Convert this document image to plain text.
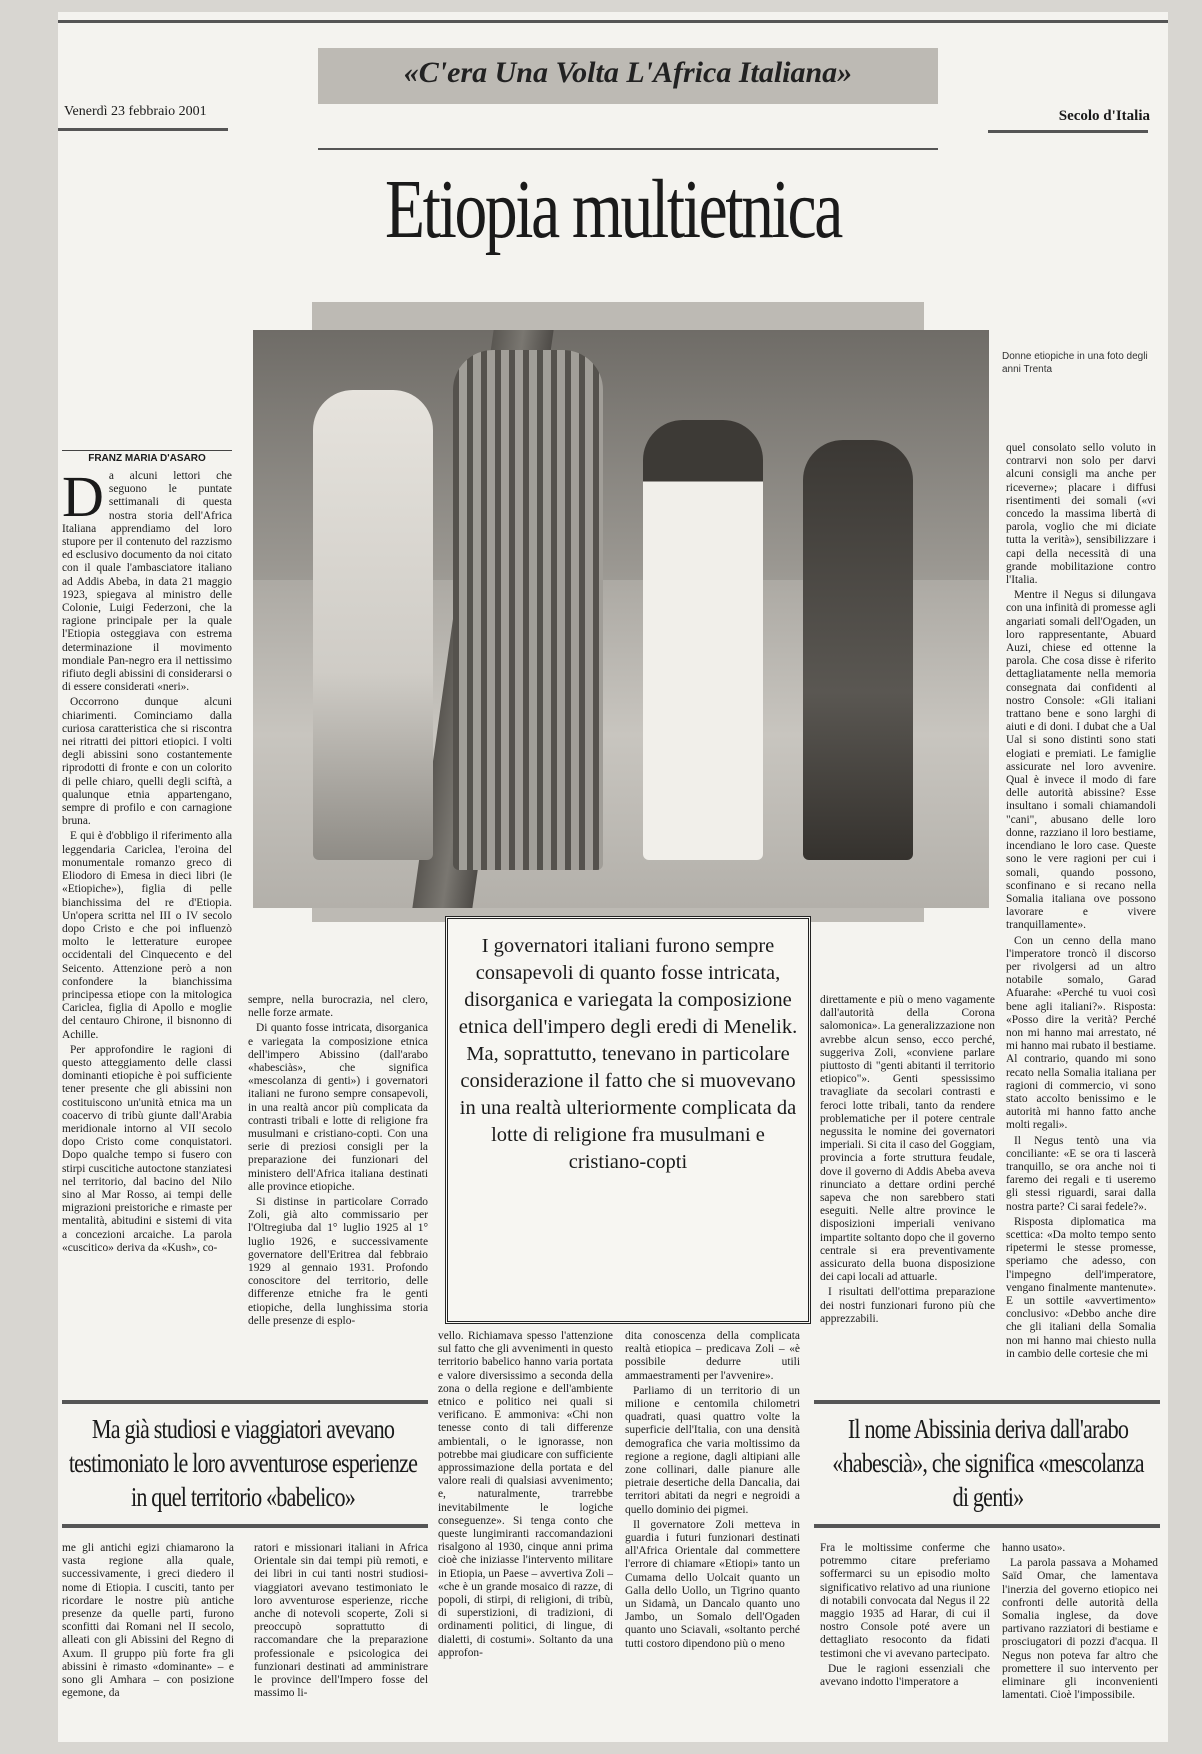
«C'era Una Volta L'Africa Italiana»
Venerdì 23 febbraio 2001	Secolo d'Italia
Etiopia multietnica
Donne etiopiche in una foto degli anni Trenta
FRANZ MARIA D'ASARO

Da alcuni lettori che seguono le puntate settimanali di questa nostra storia dell'Africa Italiana apprendiamo del loro stupore per il contenuto del razzismo ed esclusivo documento da noi citato con il quale l'ambasciatore italiano ad Addis Abeba, in data 21 maggio 1923, spiegava al ministro delle Colonie, Luigi Federzoni, che la ragione principale per la quale l'Etiopia osteggiava con estrema determinazione il movimento mondiale Pan-negro era il nettissimo rifiuto degli abissini di considerarsi o di essere considerati «neri».

Occorrono dunque alcuni chiarimenti. Cominciamo dalla curiosa caratteristica che si riscontra nei ritratti dei pittori etiopici. I volti degli abissini sono costantemente riprodotti di fronte e con un colorito di pelle chiaro, quelli degli sciftà, a qualunque etnia appartengano, sempre di profilo e con carnagione bruna.

E qui è d'obbligo il riferimento alla leggendaria Cariclea, l'eroina del monumentale romanzo greco di Eliodoro di Emesa in dieci libri (le «Etiopiche»), figlia di pelle bianchissima del re d'Etiopia. Un'opera scritta nel III o IV secolo dopo Cristo e che poi influenzò molto le letterature europee occidentali del Cinquecento e del Seicento. Attenzione però a non confondere la bianchissima principessa etiope con la mitologica Cariclea, figlia di Apollo e moglie del centauro Chirone, il bisnonno di Achille.

Per approfondire le ragioni di questo atteggiamento delle classi dominanti etiopiche è poi sufficiente tener presente che gli abissini non costituiscono un'unità etnica ma un coacervo di tribù giunte dall'Arabia meridionale intorno al VII secolo dopo Cristo come conquistatori. Dopo qualche tempo si fusero con stirpi cuscitiche autoctone stanziatesi nel territorio, dal bacino del Nilo sino al Mar Rosso, ai tempi delle migrazioni preistoriche e rimaste per mentalità, abitudini e sistemi di vita a concezioni arcaiche. La parola «cuscitico» deriva da «Kush», co-

sempre, nella burocrazia, nel clero, nelle forze armate.

Di quanto fosse intricata, disorganica e variegata la composizione etnica dell'impero Abissino (dall'arabo «habesciàs», che significa «mescolanza di genti») i governatori italiani ne furono sempre consapevoli, in una realtà ancor più complicata da contrasti tribali e lotte di religione fra musulmani e cristiano-copti. Con una serie di preziosi consigli per la preparazione dei funzionari del ministero dell'Africa italiana destinati alle province etiopiche.

Si distinse in particolare Corrado Zoli, già alto commissario per l'Oltregiuba dal 1° luglio 1925 al 1° luglio 1926, e successivamente governatore dell'Eritrea dal febbraio 1929 al gennaio 1931. Profondo conoscitore del territorio, delle differenze etniche fra le genti etiopiche, della lunghissima storia delle presenze di esplo-

I governatori italiani furono sempre consapevoli di quanto fosse intricata, disorganica e variegata la composizione etnica dell'impero degli eredi di Menelik. Ma, soprattutto, tenevano in particolare considerazione il fatto che si muovevano in una realtà ulteriormente complicata da lotte di religione fra musulmani e cristiano-copti

vello. Richiamava spesso l'attenzione sul fatto che gli avvenimenti in questo territorio babelico hanno varia portata e valore diversissimo a seconda della zona o della regione e dell'ambiente etnico e politico nei quali si verificano. E ammoniva: «Chi non tenesse conto di tali differenze ambientali, o le ignorasse, non potrebbe mai giudicare con sufficiente approssimazione della portata e del valore reali di qualsiasi avvenimento; e, naturalmente, trarrebbe inevitabilmente le logiche conseguenze». Si tenga conto che queste lungimiranti raccomandazioni risalgono al 1930, cinque anni prima cioè che iniziasse l'intervento militare in Etiopia, un Paese – avvertiva Zoli – «che è un grande mosaico di razze, di popoli, di stirpi, di religioni, di tribù, di superstizioni, di tradizioni, di ordinamenti politici, di lingue, di dialetti, di costumi». Soltanto da una approfon-

dita conoscenza della complicata realtà etiopica – predicava Zoli – «è possibile dedurre utili ammaestramenti per l'avvenire».

Parliamo di un territorio di un milione e centomila chilometri quadrati, quasi quattro volte la superficie dell'Italia, con una densità demografica che varia moltissimo da regione a regione, dagli altipiani alle zone collinari, dalle pianure alle pietraie desertiche della Dancalia, dai territori abitati da negri e negroidi a quello dominio dei pigmei.

Il governatore Zoli metteva in guardia i futuri funzionari destinati all'Africa Orientale dal commettere l'errore di chiamare «Etiopi» tanto un Cumama dello Uolcait quanto un Galla dello Uollo, un Tigrino quanto un Sidamà, un Dancalo quanto uno Jambo, un Somalo dell'Ogaden quanto uno Sciavali, «soltanto perché tutti costoro dipendono più o meno

direttamente e più o meno vagamente dall'autorità della Corona salomonica». La generalizzazione non avrebbe alcun senso, ecco perché, suggeriva Zoli, «conviene parlare piuttosto di "genti abitanti il territorio etiopico"». Genti spessissimo travagliate da secolari contrasti e feroci lotte tribali, tanto da rendere problematiche per il potere centrale negussita le nomine dei governatori imperiali. Si cita il caso del Goggiam, provincia a forte struttura feudale, dove il governo di Addis Abeba aveva rinunciato a dettare ordini perché sapeva che non sarebbero stati eseguiti. Nelle altre province le disposizioni imperiali venivano impartite soltanto dopo che il governo centrale si era preventivamente assicurato della buona disposizione dei capi locali ad attuarle.

I risultati dell'ottima preparazione dei nostri funzionari furono più che apprezzabili.

quel consolato sello voluto in contrarvi non solo per darvi alcuni consigli ma anche per riceverne»; placare i diffusi risentimenti dei somali («vi concedo la massima libertà di parola, voglio che mi diciate tutta la verità»), sensibilizzare i capi della necessità di una grande mobilitazione contro l'Italia.

Mentre il Negus si dilungava con una infinità di promesse agli angariati somali dell'Ogaden, un loro rappresentante, Abuard Auzi, chiese ed ottenne la parola. Che cosa disse è riferito dettagliatamente nella memoria consegnata dai confidenti al nostro Console: «Gli italiani trattano bene e sono larghi di aiuti e di doni. I dubat che a Ual Ual si sono distinti sono stati elogiati e premiati. Le famiglie assicurate nel loro avvenire. Qual è invece il modo di fare delle autorità abissine? Esse insultano i somali chiamandoli "cani", abusano delle loro donne, razziano il loro bestiame, incendiano le loro case. Queste sono le vere ragioni per cui i somali, quando possono, sconfinano e si recano nella Somalia italiana ove possono lavorare e vivere tranquillamente».

Con un cenno della mano l'imperatore troncò il discorso per rivolgersi ad un altro notabile somalo, Garad Afuarahe: «Perché tu vuoi così bene agli italiani?». Risposta: «Posso dire la verità? Perché non mi hanno mai arrestato, né mi hanno mai rubato il bestiame. Al contrario, quando mi sono recato nella Somalia italiana per ragioni di commercio, vi sono stato accolto benissimo e le autorità mi hanno fatto anche molti regali».

Il Negus tentò una via conciliante: «E se ora ti lascerà tranquillo, se ora anche noi ti faremo dei regali e ti useremo gli stessi riguardi, sarai dalla nostra parte? Ci sarai fedele?».

Risposta diplomatica ma scettica: «Da molto tempo sento ripetermi le stesse promesse, speriamo che adesso, con l'impegno dell'imperatore, vengano finalmente mantenute». E un sottile «avvertimento» conclusivo: «Debbo anche dire che gli italiani della Somalia non mi hanno mai chiesto nulla in cambio delle cortesie che mi

Ma già studiosi e viaggiatori avevano testimoniato le loro avventurose esperienze in quel territorio «babelico»
Il nome Abissinia deriva dall'arabo «habescià», che significa «mescolanza di genti»

me gli antichi egizi chiamarono la vasta regione alla quale, successivamente, i greci diedero il nome di Etiopia. I cusciti, tanto per ricordare le nostre più antiche presenze da quelle parti, furono sconfitti dai Romani nel II secolo, alleati con gli Abissini del Regno di Axum. Il gruppo più forte fra gli abissini è rimasto «dominante» – e sono gli Amhara – con posizione egemone, da

ratori e missionari italiani in Africa Orientale sin dai tempi più remoti, e dei libri in cui tanti nostri studiosi-viaggiatori avevano testimoniato le loro avventurose esperienze, ricche anche di notevoli scoperte, Zoli si preoccupò soprattutto di raccomandare che la preparazione professionale e psicologica dei funzionari destinati ad amministrare le province dell'Impero fosse del massimo li-

Fra le moltissime conferme che potremmo citare preferiamo soffermarci su un episodio molto significativo relativo ad una riunione di notabili convocata dal Negus il 22 maggio 1935 ad Harar, di cui il nostro Console poté avere un dettagliato resoconto da fidati testimoni che vi avevano partecipato.

Due le ragioni essenziali che avevano indotto l'imperatore a

hanno usato».

La parola passava a Mohamed Saïd Omar, che lamentava l'inerzia del governo etiopico nei confronti delle autorità della Somalia inglese, da dove partivano razziatori di bestiame e prosciugatori di pozzi d'acqua. Il Negus non poteva far altro che promettere il suo intervento per eliminare gli inconvenienti lamentati. Cioè l'impossibile.
